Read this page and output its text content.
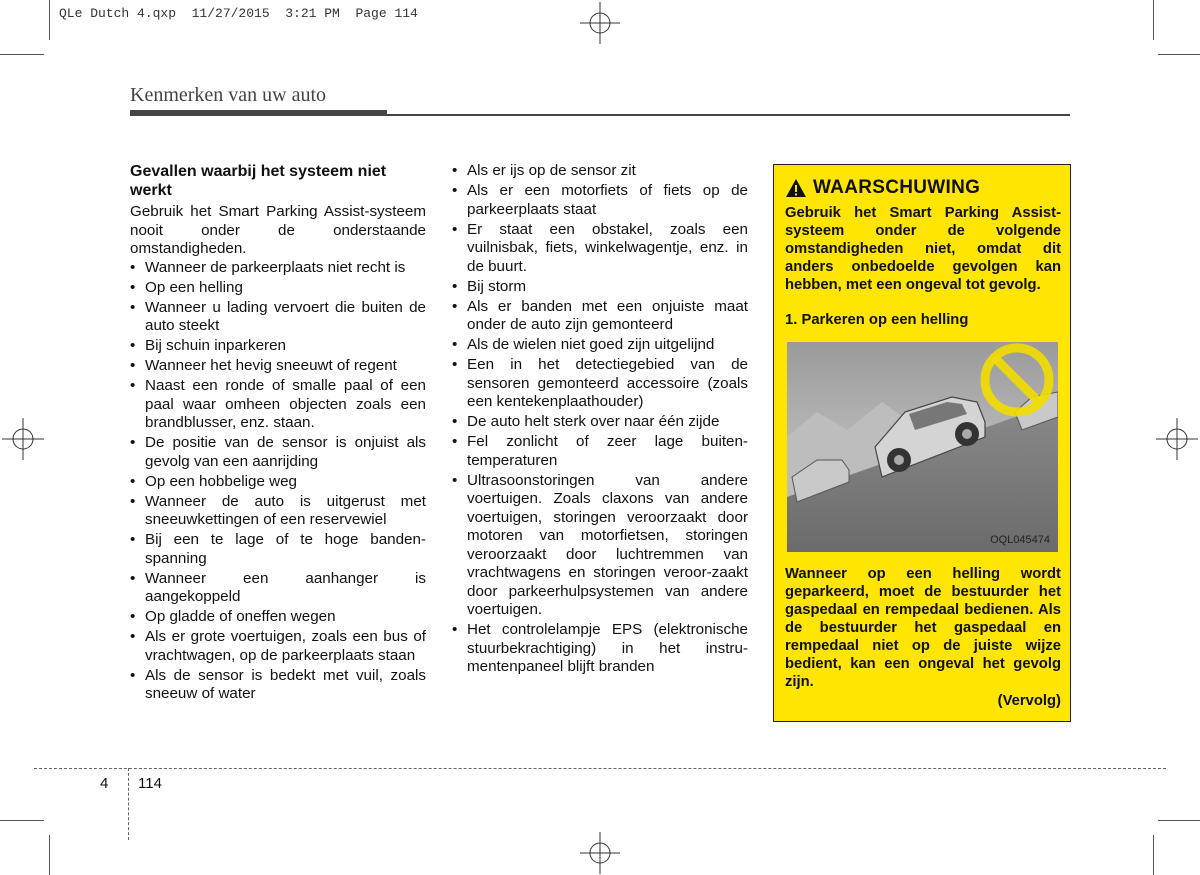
QLe Dutch 4.qxp  11/27/2015  3:21 PM  Page 114
Kenmerken van uw auto
Gevallen waarbij het systeem niet werkt

Gebruik het Smart Parking Assist-systeem nooit onder de onderstaande omstandigheden.

• Wanneer de parkeerplaats niet recht is
• Op een helling
• Wanneer u lading vervoert die buiten de auto steekt
• Bij schuin inparkeren
• Wanneer het hevig sneeuwt of regent
• Naast een ronde of smalle paal of een paal waar omheen objecten zoals een brandblusser, enz. staan.
• De positie van de sensor is onjuist als gevolg van een aanrijding
• Op een hobbelige weg
• Wanneer de auto is uitgerust met sneeuwkettingen of een reservewiel
• Bij een te lage of te hoge banden-spanning
• Wanneer een aanhanger is aangekoppeld
• Op gladde of oneffen wegen
• Als er grote voertuigen, zoals een bus of vrachtwagen, op de parkeerplaats staan
• Als de sensor is bedekt met vuil, zoals sneeuw of water
• Als er ijs op de sensor zit
• Als er een motorfiets of fiets op de parkeerplaats staat
• Er staat een obstakel, zoals een vuilnisbak, fiets, winkelwagentje, enz. in de buurt.
• Bij storm
• Als er banden met een onjuiste maat onder de auto zijn gemonteerd
• Als de wielen niet goed zijn uitgelijnd
• Een in het detectiegebied van de sensoren gemonteerd accessoire (zoals een kentekenplaathouder)
• De auto helt sterk over naar één zijde
• Fel zonlicht of zeer lage buiten-temperaturen
• Ultrasoonstoringen van andere voertuigen. Zoals claxons van andere voertuigen, storingen veroorzaakt door motoren van motorfietsen, storingen veroorzaakt door luchtremmen van vrachtwagens en storingen veroor-zaakt door parkeerhulpsystemen van andere voertuigen.
• Het controlelampje EPS (elektronische stuurbekrachtiging) in het instru-mentenpaneel blijft branden
WAARSCHUWING

Gebruik het Smart Parking Assist-systeem onder de volgende omstandigheden niet, omdat dit anders onbedoelde gevolgen kan hebben, met een ongeval tot gevolg.

1. Parkeren op een helling

OQL045474

Wanneer op een helling wordt geparkeerd, moet de bestuurder het gaspedaal en rempedaal bedienen. Als de bestuurder het gaspedaal en rempedaal niet op de juiste wijze bedient, kan een ongeval het gevolg zijn.

(Vervolg)

4 114
